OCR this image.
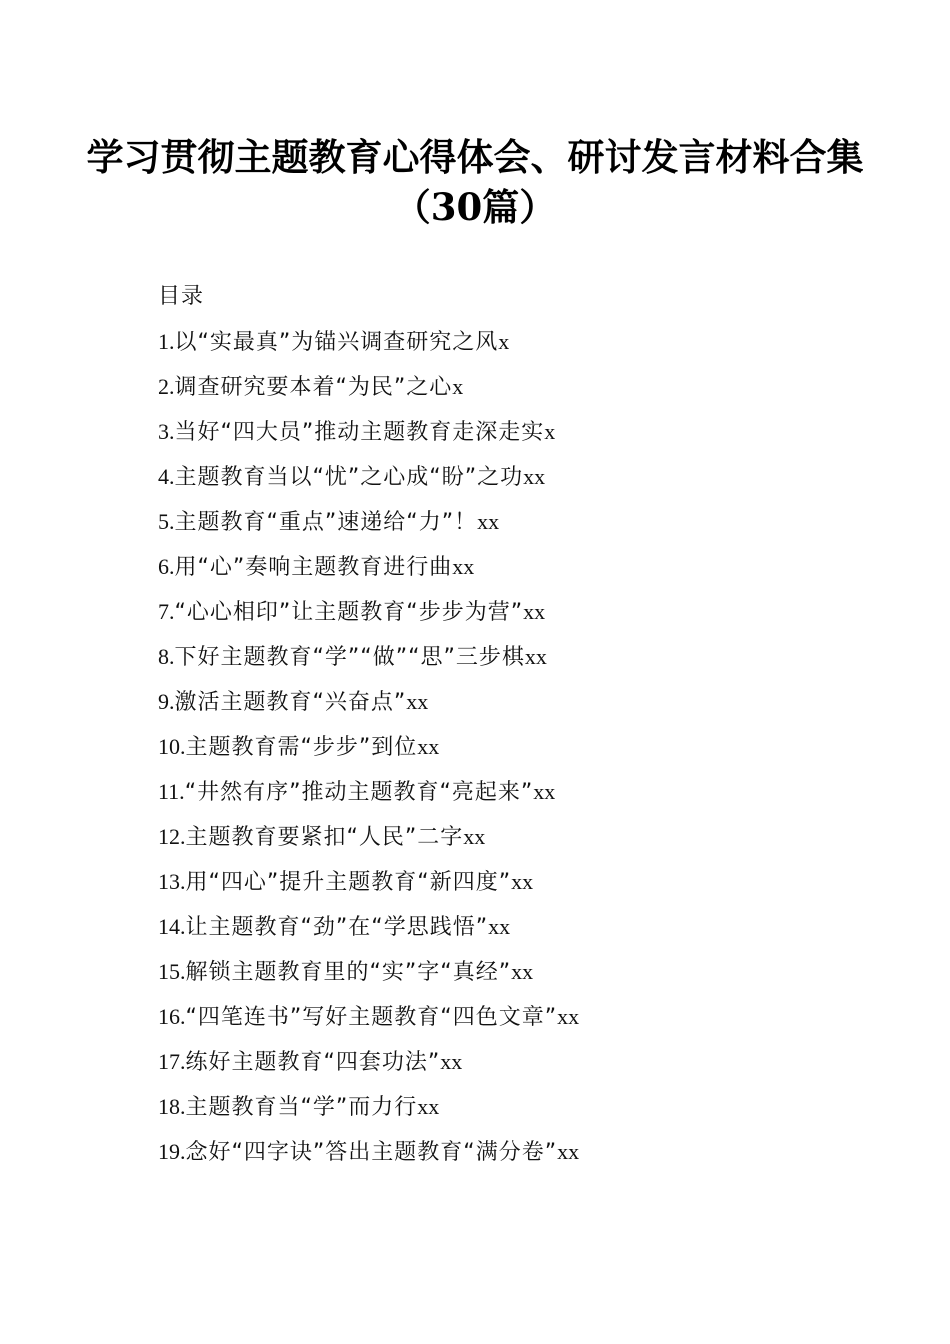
学习贯彻主题教育心得体会、研讨发言材料合集（30篇）
目录
1.以“实最真”为锚兴调查研究之风x
2.调查研究要本着“为民”之心x
3.当好“四大员”推动主题教育走深走实x
4.主题教育当以“忧”之心成“盼”之功xx
5.主题教育“重点”速递给“力”！xx
6.用“心”奏响主题教育进行曲xx
7.“心心相印”让主题教育“步步为营”xx
8.下好主题教育“学”“做”“思”三步棋xx
9.激活主题教育“兴奋点”xx
10.主题教育需“步步”到位xx
11.“井然有序”推动主题教育“亮起来”xx
12.主题教育要紧扣“人民”二字xx
13.用“四心”提升主题教育“新四度”xx
14.让主题教育“劲”在“学思践悟”xx
15.解锁主题教育里的“实”字“真经”xx
16.“四笔连书”写好主题教育“四色文章”xx
17.练好主题教育“四套功法”xx
18.主题教育当“学”而力行xx
19.念好“四字诀”答出主题教育“满分卷”xx
